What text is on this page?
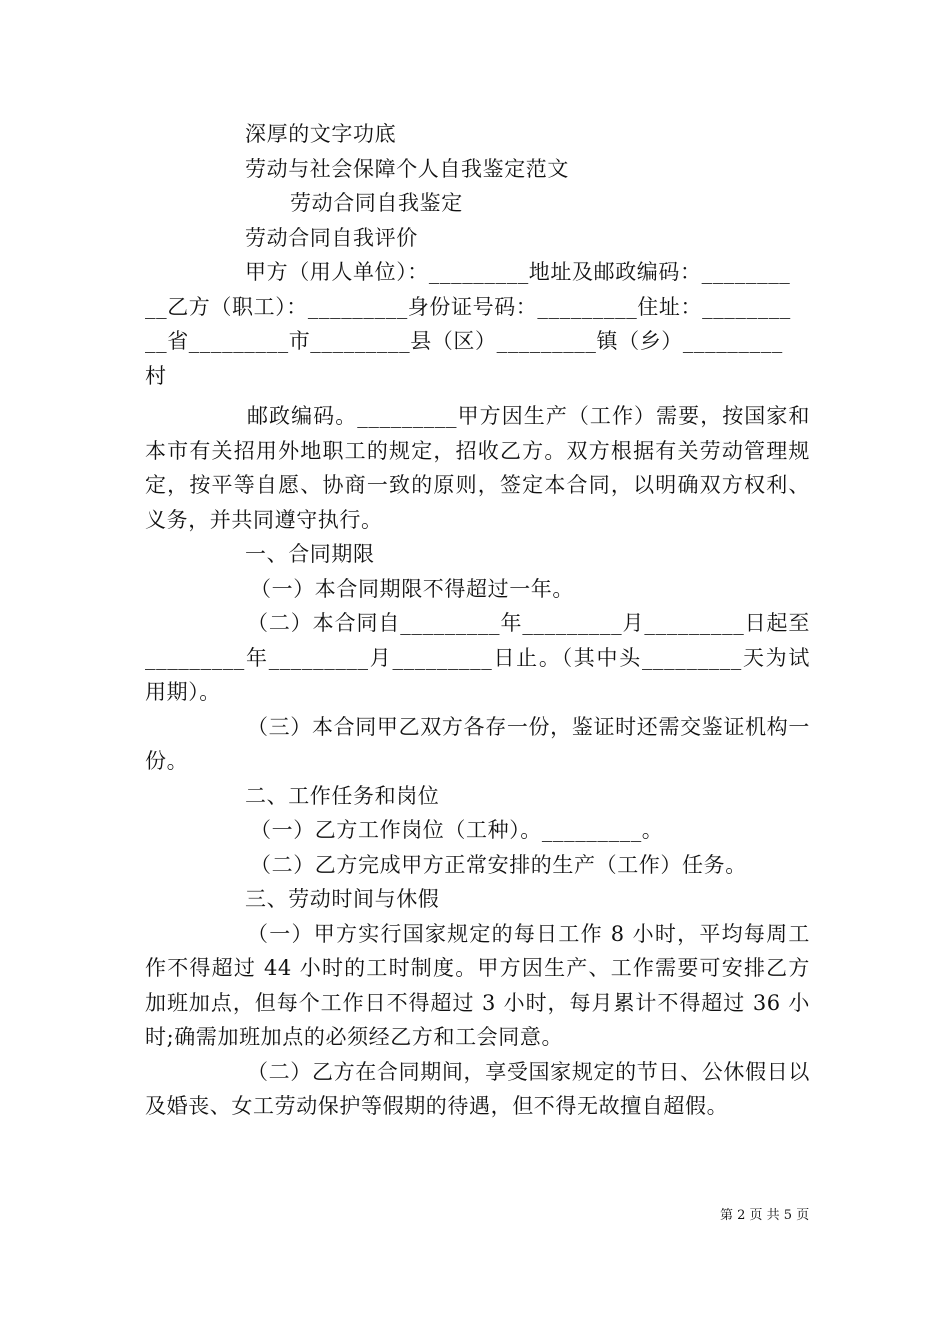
深厚的文字功底
劳动与社会保障个人自我鉴定范文
劳动合同自我鉴定
劳动合同自我评价
甲方（用人单位）：_________地址及邮政编码：________
__乙方（职工）：_________身份证号码：_________住址：________
__省_________市_________县（区）_________镇（乡）_________
村
邮政编码。_________甲方因生产（工作）需要，按国家和本市有关招用外地职工的规定，招收乙方。双方根据有关劳动管理规定，按平等自愿、协商一致的原则，签定本合同，以明确双方权利、义务，并共同遵守执行。
一、合同期限
（一）本合同期限不得超过一年。
（二）本合同自_________年_________月_________日起至_________年_________月_________日止。（其中头_________天为试用期）。
（三）本合同甲乙双方各存一份，鉴证时还需交鉴证机构一份。
二、工作任务和岗位
（一）乙方工作岗位（工种）。_________。
（二）乙方完成甲方正常安排的生产（工作）任务。
三、劳动时间与休假
（一）甲方实行国家规定的每日工作 8 小时，平均每周工作不得超过 44 小时的工时制度。甲方因生产、工作需要可安排乙方加班加点，但每个工作日不得超过 3 小时，每月累计不得超过 36 小时;确需加班加点的必须经乙方和工会同意。
（二）乙方在合同期间，享受国家规定的节日、公休假日以及婚丧、女工劳动保护等假期的待遇，但不得无故擅自超假。
第 2 页 共 5 页
